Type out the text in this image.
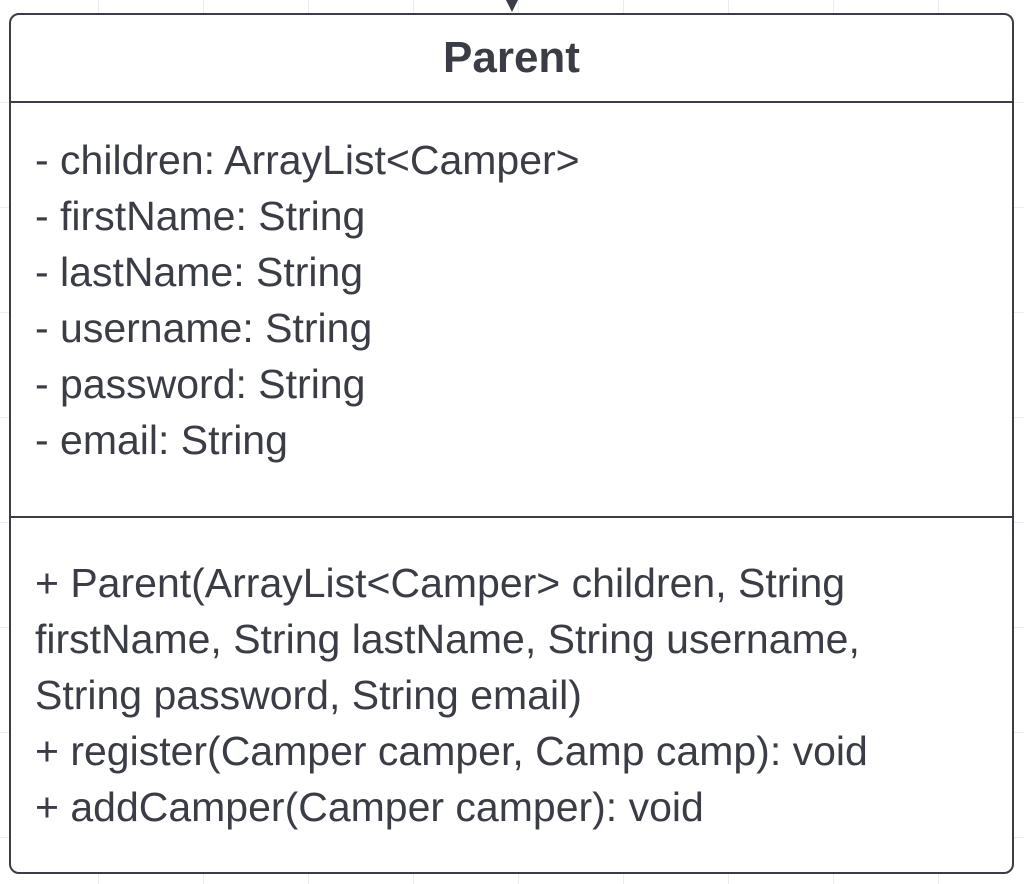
Parent
- children: ArrayList<Camper>
- firstName: String
- lastName: String
- username: String
- password: String
- email: String
+ Parent(ArrayList<Camper> children, String
firstName, String lastName, String username,
String password, String email)
+ register(Camper camper, Camp camp): void
+ addCamper(Camper camper): void
